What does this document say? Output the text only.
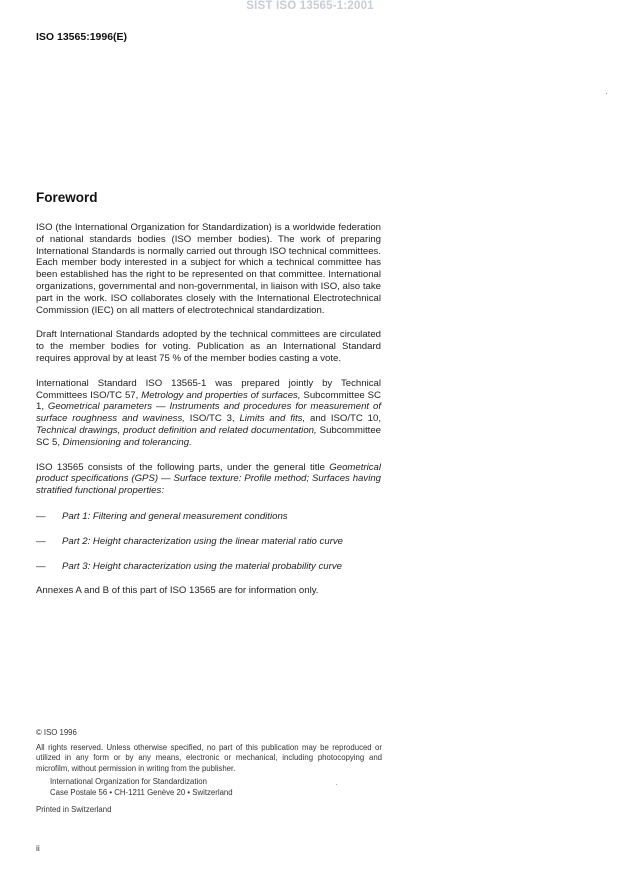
SIST ISO 13565-1:2001
ISO 13565:1996(E)
Foreword

ISO (the International Organization for Standardization) is a worldwide federation of national standards bodies (ISO member bodies). The work of preparing International Standards is normally carried out through ISO technical committees. Each member body interested in a subject for which a technical committee has been established has the right to be represented on that committee. International organizations, governmental and non-governmental, in liaison with ISO, also take part in the work. ISO collaborates closely with the International Electrotechnical Commission (IEC) on all matters of electrotechnical standardization.

Draft International Standards adopted by the technical committees are circulated to the member bodies for voting. Publication as an International Standard requires approval by at least 75 % of the member bodies casting a vote.

International Standard ISO 13565-1 was prepared jointly by Technical Committees ISO/TC 57, Metrology and properties of surfaces, Subcommittee SC 1, Geometrical parameters — Instruments and procedures for measurement of surface roughness and waviness, ISO/TC 3, Limits and fits, and ISO/TC 10, Technical drawings, product definition and related documentation, Subcommittee SC 5, Dimensioning and tolerancing.

ISO 13565 consists of the following parts, under the general title Geometrical product specifications (GPS) — Surface texture: Profile method; Surfaces having stratified functional properties:

—	Part 1: Filtering and general measurement conditions
—	Part 2: Height characterization using the linear material ratio curve
—	Part 3: Height characterization using the material probability curve

Annexes A and B of this part of ISO 13565 are for information only.

© ISO 1996
All rights reserved. Unless otherwise specified, no part of this publication may be reproduced or utilized in any form or by any means, electronic or mechanical, including photocopying and microfilm, without permission in writing from the publisher.
International Organization for Standardization
Case Postale 56 • CH-1211 Genève 20 • Switzerland
Printed in Switzerland
ii
